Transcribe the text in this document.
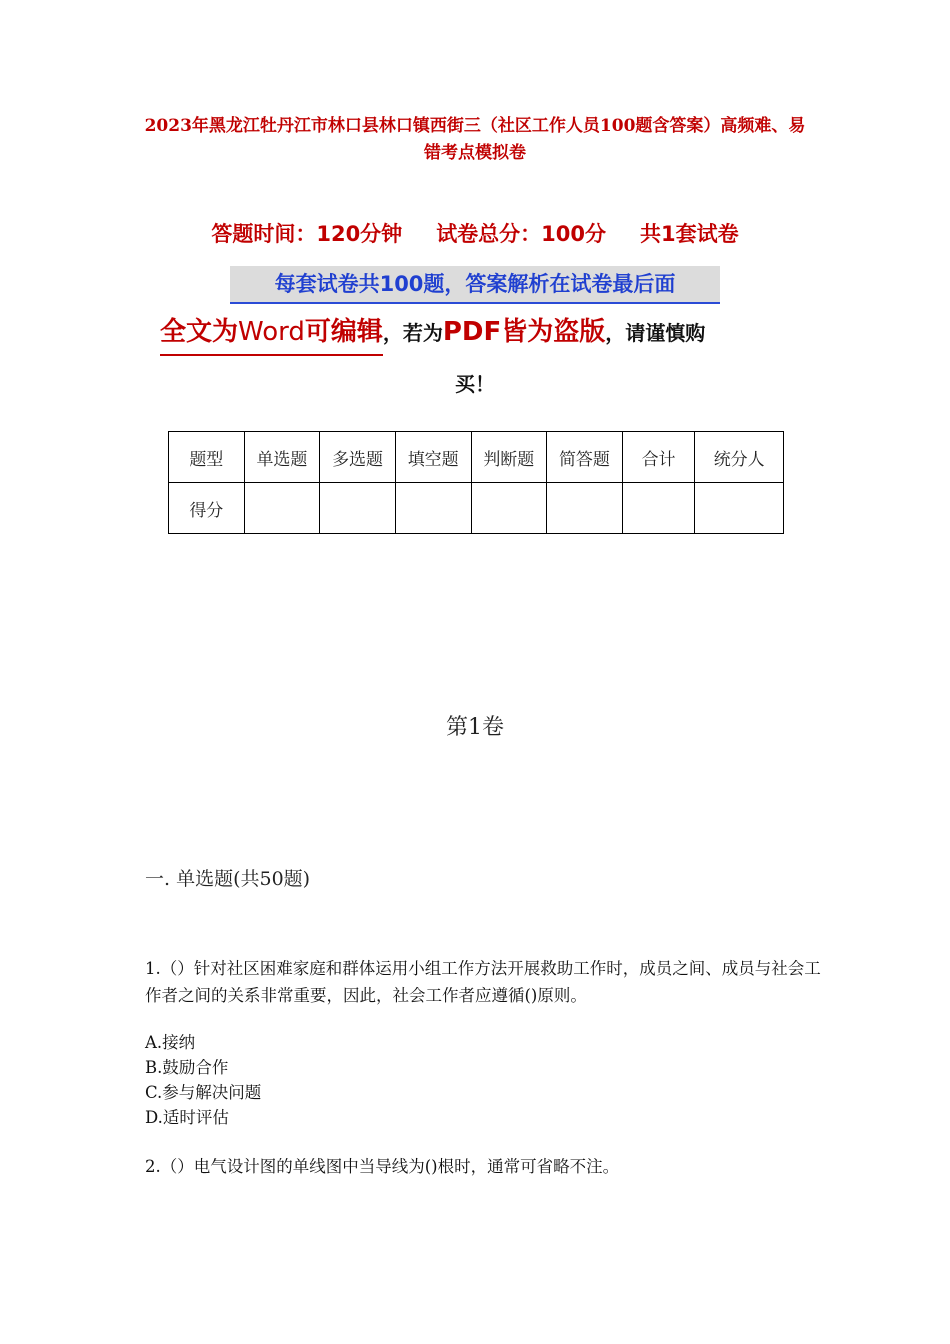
2023年黑龙江牡丹江市林口县林口镇西街三（社区工作人员100题含答案）高频难、易错考点模拟卷
答题时间：120分钟 试卷总分：100分 共1套试卷
每套试卷共100题，答案解析在试卷最后面
全文为Word可编辑，若为PDF皆为盗版，请谨慎购
买！
题型	单选题	多选题	填空题	判断题	简答题	合计	统分人
得分							
第1卷
一. 单选题(共50题)
1.（）针对社区困难家庭和群体运用小组工作方法开展救助工作时，成员之间、成员与社会工作者之间的关系非常重要，因此，社会工作者应遵循()原则。
A.接纳
B.鼓励合作
C.参与解决问题
D.适时评估
2.（）电气设计图的单线图中当导线为()根时，通常可省略不注。
